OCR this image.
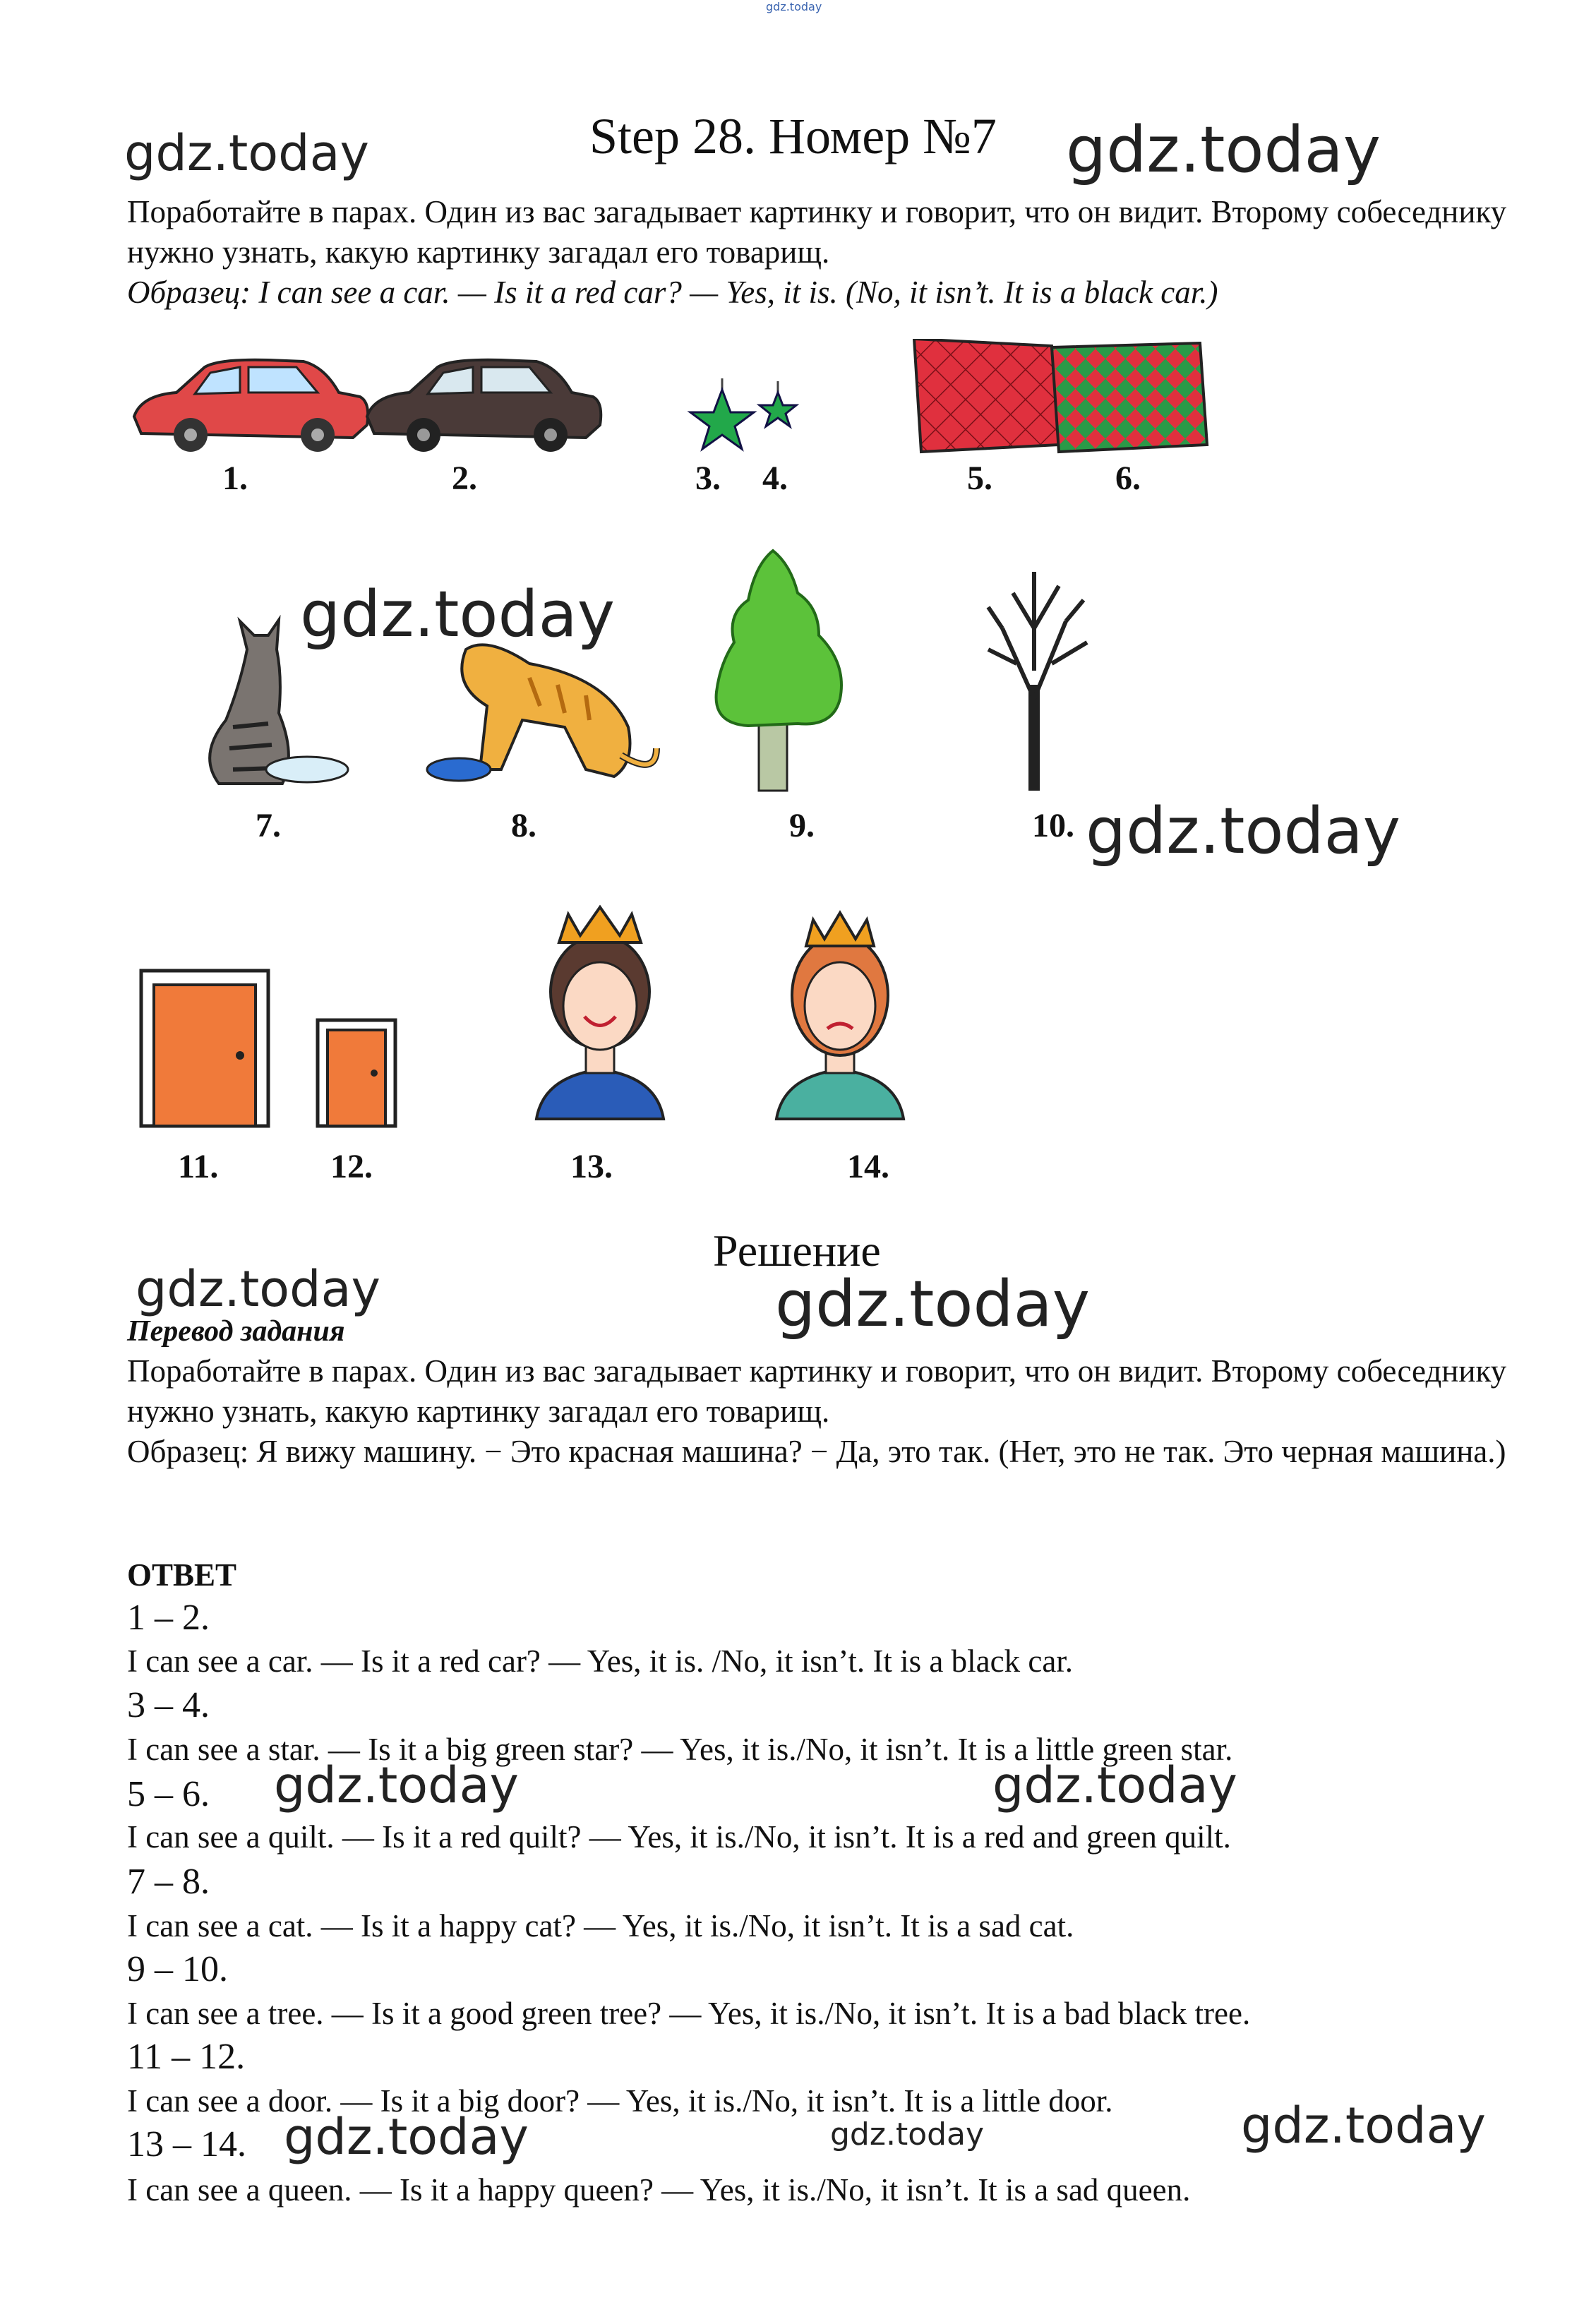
gdz.today
Step 28. Номер №7
gdz.today	gdz.today
Поработайте в парах. Один из вас загадывает картинку и говорит, что он видит. Второму собеседнику нужно узнать, какую картинку загадал его товарищ.
Образец: I can see a car. — Is it a red car? — Yes, it is. (No, it isn’t. It is a black car.)
1.	2.	3. 4.	5.	6.
gdz.today
7.	8.	9.	10. gdz.today
11.	12.	13.	14.
Решение
gdz.today	gdz.today
Перевод задания
Поработайте в парах. Один из вас загадывает картинку и говорит, что он видит. Второму собеседнику нужно узнать, какую картинку загадал его товарищ.
Образец: Я вижу машину. − Это красная машина? − Да, это так. (Нет, это не так. Это черная машина.)
ОТВЕТ
1 – 2.
I can see a car. — Is it a red car? — Yes, it is. /No, it isn’t. It is a black car.
3 – 4.
I can see a star. — Is it a big green star? — Yes, it is./No, it isn’t. It is a little green star.
5 – 6. gdz.today	gdz.today
I can see a quilt. — Is it a red quilt? — Yes, it is./No, it isn’t. It is a red and green quilt.
7 – 8.
I can see a cat. — Is it a happy cat? — Yes, it is./No, it isn’t. It is a sad cat.
9 – 10.
I can see a tree. — Is it a good green tree? — Yes, it is./No, it isn’t. It is a bad black tree.
11 – 12.
I can see a door. — Is it a big door? — Yes, it is./No, it isn’t. It is a little door.
13 – 14. gdz.today	gdz.today	gdz.today
I can see a queen. — Is it a happy queen? — Yes, it is./No, it isn’t. It is a sad queen.
